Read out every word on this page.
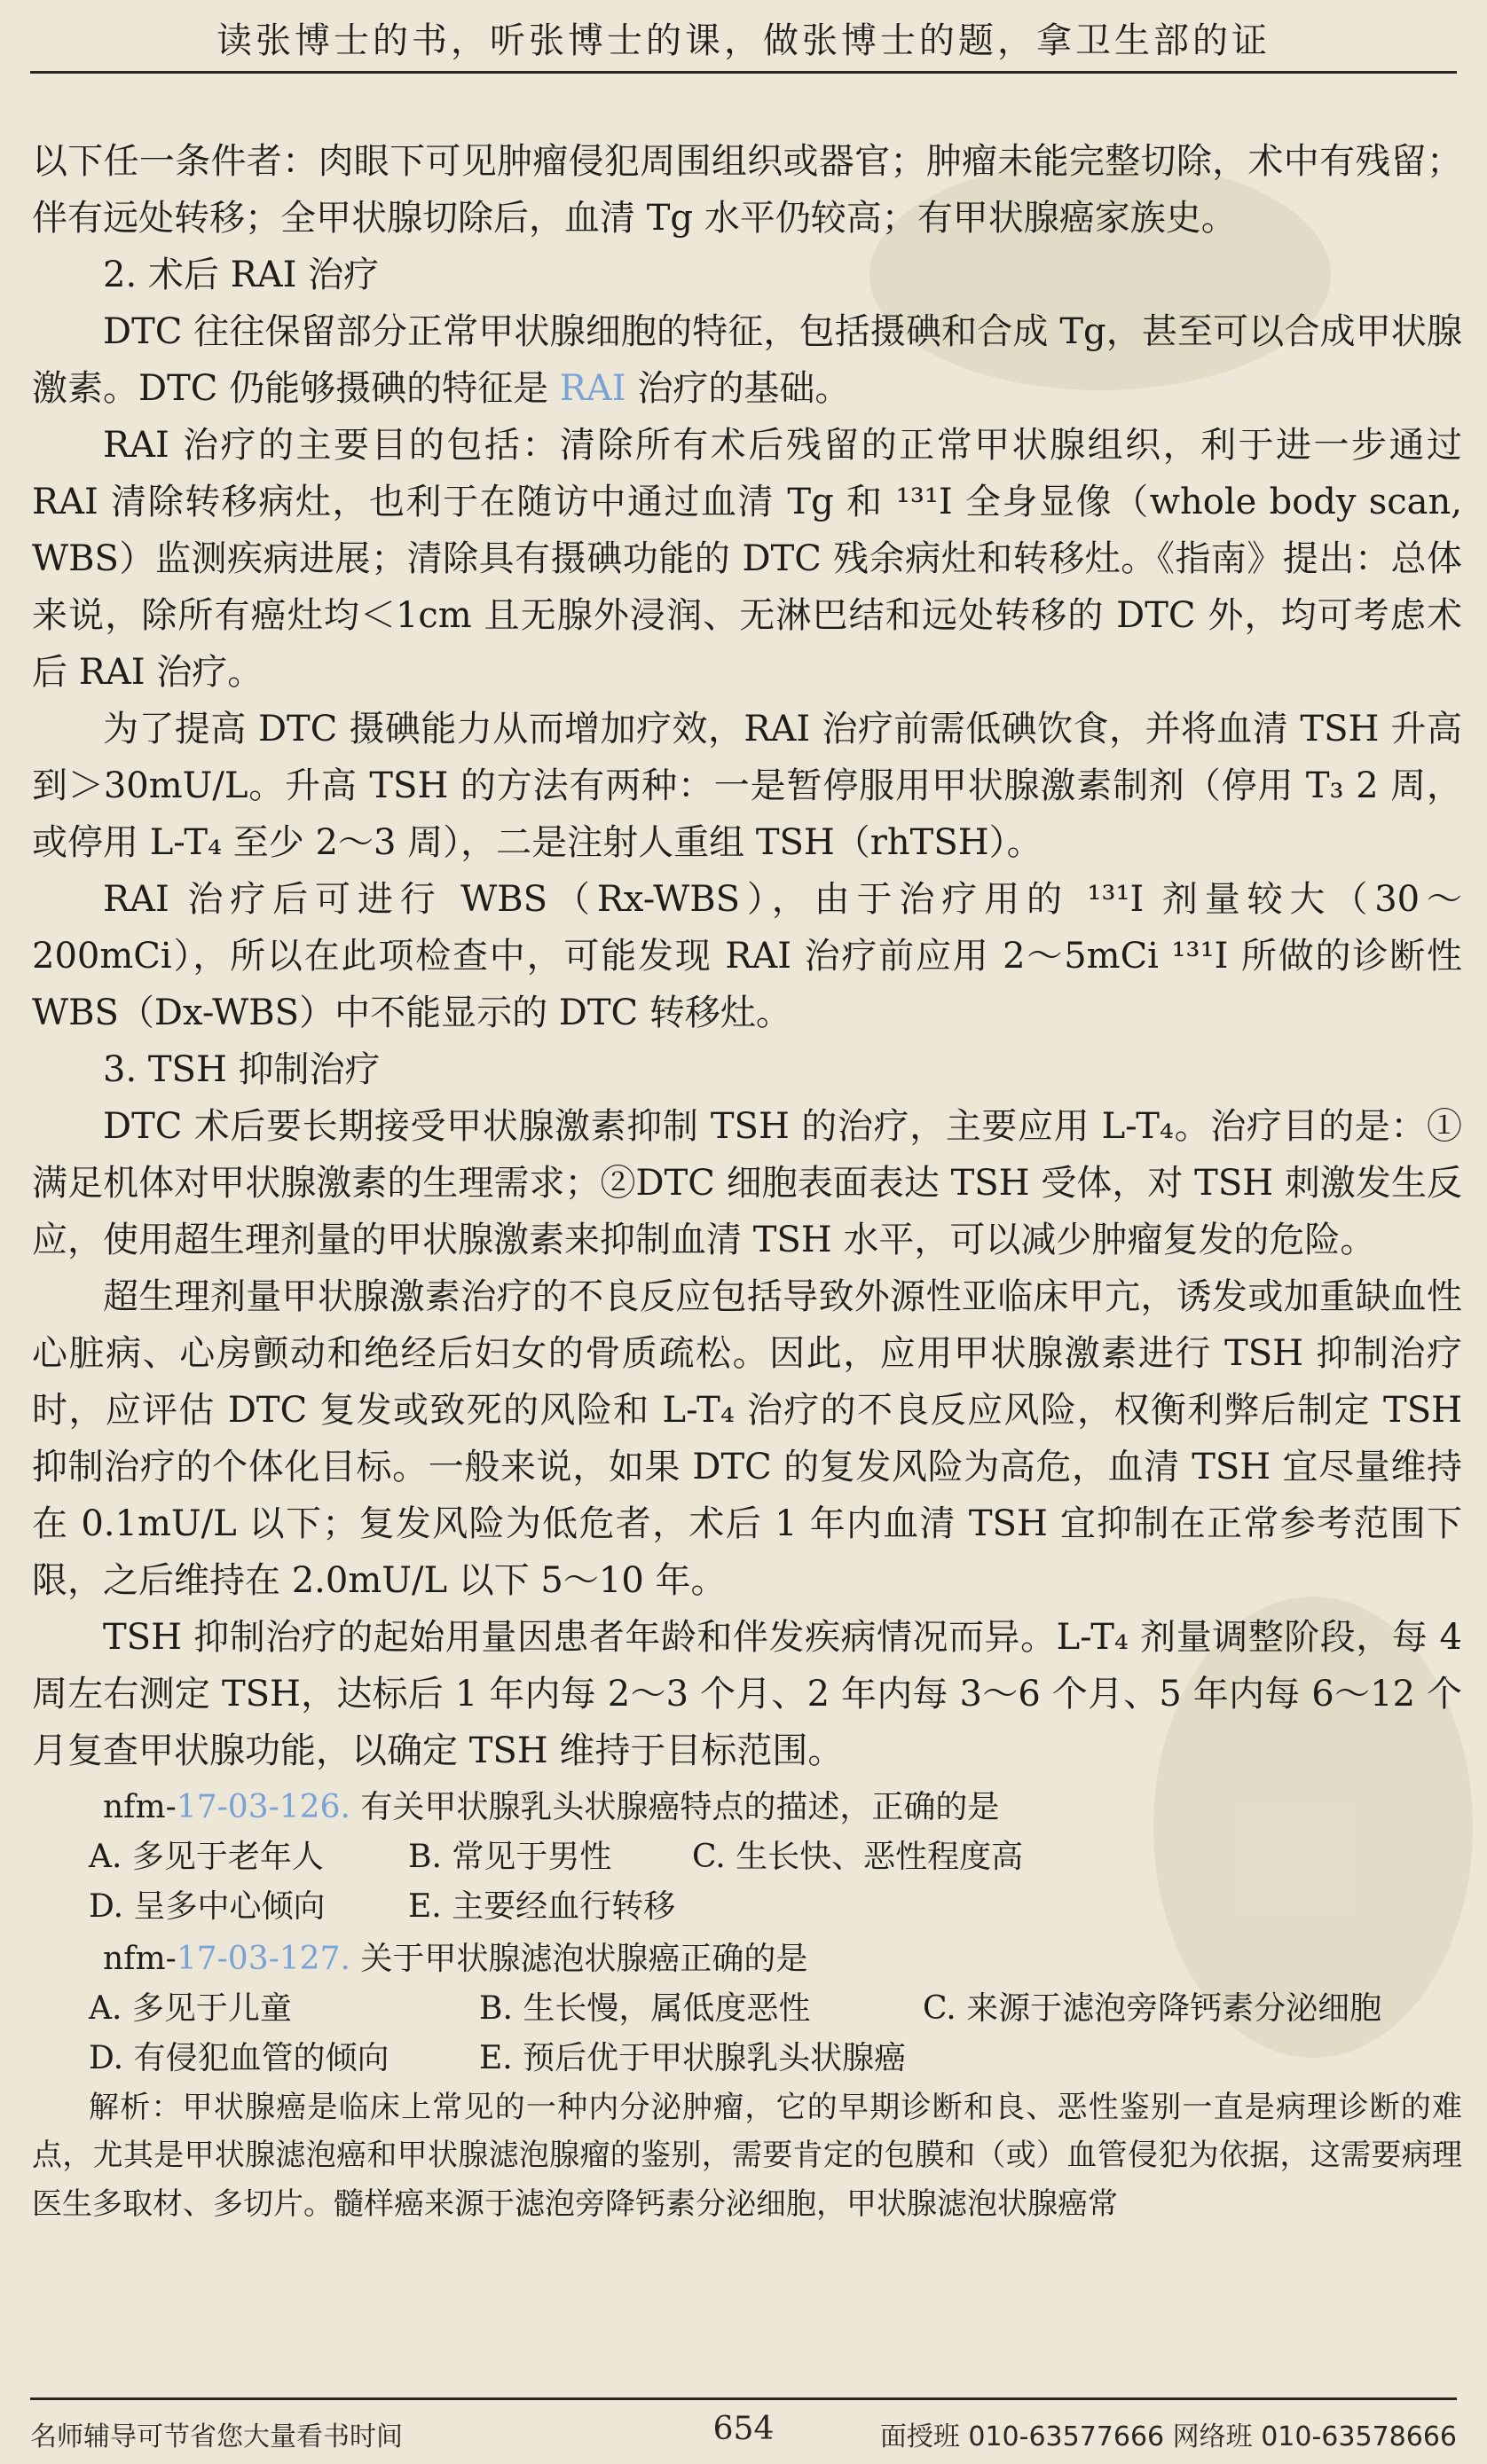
读张博士的书，听张博士的课，做张博士的题，拿卫生部的证

以下任一条件者：肉眼下可见肿瘤侵犯周围组织或器官；肿瘤未能完整切除，术中有残留；伴有远处转移；全甲状腺切除后，血清 Tg 水平仍较高；有甲状腺癌家族史。

2. 术后 RAI 治疗

DTC 往往保留部分正常甲状腺细胞的特征，包括摄碘和合成 Tg，甚至可以合成甲状腺激素。DTC 仍能够摄碘的特征是 RAI 治疗的基础。

RAI 治疗的主要目的包括：清除所有术后残留的正常甲状腺组织，利于进一步通过 RAI 清除转移病灶，也利于在随访中通过血清 Tg 和 ¹³¹I 全身显像（whole body scan, WBS）监测疾病进展；清除具有摄碘功能的 DTC 残余病灶和转移灶。《指南》提出：总体来说，除所有癌灶均＜1cm 且无腺外浸润、无淋巴结和远处转移的 DTC 外，均可考虑术后 RAI 治疗。

为了提高 DTC 摄碘能力从而增加疗效，RAI 治疗前需低碘饮食，并将血清 TSH 升高到＞30mU/L。升高 TSH 的方法有两种：一是暂停服用甲状腺激素制剂（停用 T₃ 2 周，或停用 L-T₄ 至少 2～3 周），二是注射人重组 TSH（rhTSH）。

RAI 治疗后可进行 WBS（Rx-WBS），由于治疗用的 ¹³¹I 剂量较大（30～200mCi），所以在此项检查中，可能发现 RAI 治疗前应用 2～5mCi ¹³¹I 所做的诊断性 WBS（Dx-WBS）中不能显示的 DTC 转移灶。

3. TSH 抑制治疗

DTC 术后要长期接受甲状腺激素抑制 TSH 的治疗，主要应用 L-T₄。治疗目的是：①满足机体对甲状腺激素的生理需求；②DTC 细胞表面表达 TSH 受体，对 TSH 刺激发生反应，使用超生理剂量的甲状腺激素来抑制血清 TSH 水平，可以减少肿瘤复发的危险。

超生理剂量甲状腺激素治疗的不良反应包括导致外源性亚临床甲亢，诱发或加重缺血性心脏病、心房颤动和绝经后妇女的骨质疏松。因此，应用甲状腺激素进行 TSH 抑制治疗时，应评估 DTC 复发或致死的风险和 L-T₄ 治疗的不良反应风险，权衡利弊后制定 TSH 抑制治疗的个体化目标。一般来说，如果 DTC 的复发风险为高危，血清 TSH 宜尽量维持在 0.1mU/L 以下；复发风险为低危者，术后 1 年内血清 TSH 宜抑制在正常参考范围下限，之后维持在 2.0mU/L 以下 5～10 年。

TSH 抑制治疗的起始用量因患者年龄和伴发疾病情况而异。L-T₄ 剂量调整阶段，每 4 周左右测定 TSH，达标后 1 年内每 2～3 个月、2 年内每 3～6 个月、5 年内每 6～12 个月复查甲状腺功能，以确定 TSH 维持于目标范围。

nfm-17-03-126. 有关甲状腺乳头状腺癌特点的描述，正确的是

A. 多见于老年人	B. 常见于男性	C. 生长快、恶性程度高
D. 呈多中心倾向	E. 主要经血行转移

nfm-17-03-127. 关于甲状腺滤泡状腺癌正确的是

A. 多见于儿童	B. 生长慢，属低度恶性	C. 来源于滤泡旁降钙素分泌细胞
D. 有侵犯血管的倾向	E. 预后优于甲状腺乳头状腺癌

解析：甲状腺癌是临床上常见的一种内分泌肿瘤，它的早期诊断和良、恶性鉴别一直是病理诊断的难点，尤其是甲状腺滤泡癌和甲状腺滤泡腺瘤的鉴别，需要肯定的包膜和（或）血管侵犯为依据，这需要病理医生多取材、多切片。髓样癌来源于滤泡旁降钙素分泌细胞，甲状腺滤泡状腺癌常

名师辅导可节省您大量看书时间	654	面授班 010-63577666 网络班 010-63578666
